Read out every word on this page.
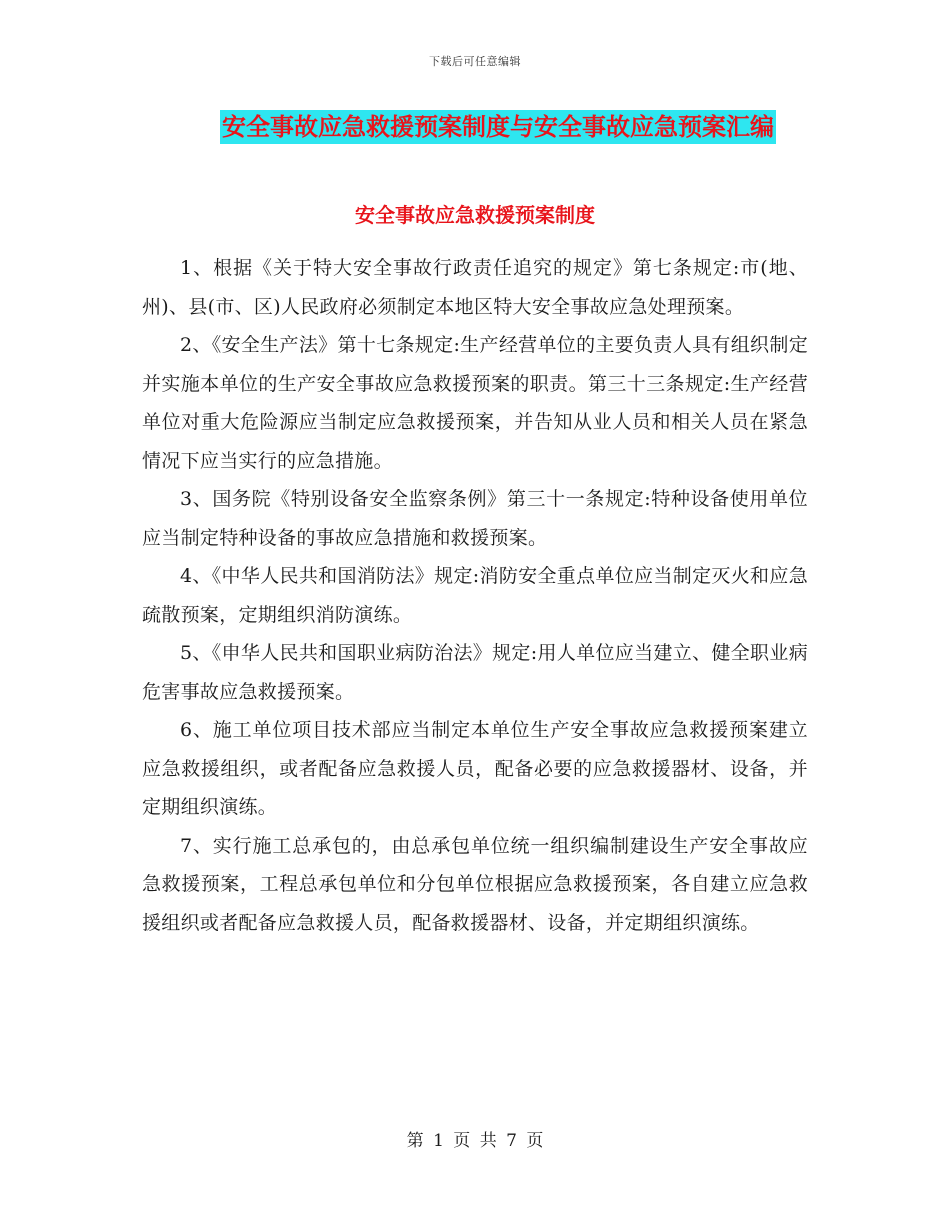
下载后可任意编辑
安全事故应急救援预案制度与安全事故应急预案汇编
安全事故应急救援预案制度

1、根据《关于特大安全事故行政责任追究的规定》第七条规定:市(地、州)、县(市、区)人民政府必须制定本地区特大安全事故应急处理预案。

2、《安全生产法》第十七条规定:生产经营单位的主要负责人具有组织制定并实施本单位的生产安全事故应急救援预案的职责。第三十三条规定:生产经营单位对重大危险源应当制定应急救援预案，并告知从业人员和相关人员在紧急情况下应当实行的应急措施。

3、国务院《特别设备安全监察条例》第三十一条规定:特种设备使用单位应当制定特种设备的事故应急措施和救援预案。

4、《中华人民共和国消防法》规定:消防安全重点单位应当制定灭火和应急疏散预案，定期组织消防演练。

5、《申华人民共和国职业病防治法》规定:用人单位应当建立、健全职业病危害事故应急救援预案。

6、施工单位项目技术部应当制定本单位生产安全事故应急救援预案建立应急救援组织，或者配备应急救援人员，配备必要的应急救援器材、设备，并定期组织演练。

7、实行施工总承包的，由总承包单位统一组织编制建设生产安全事故应急救援预案，工程总承包单位和分包单位根据应急救援预案，各自建立应急救援组织或者配备应急救援人员，配备救援器材、设备，并定期组织演练。

第 1 页 共 7 页
